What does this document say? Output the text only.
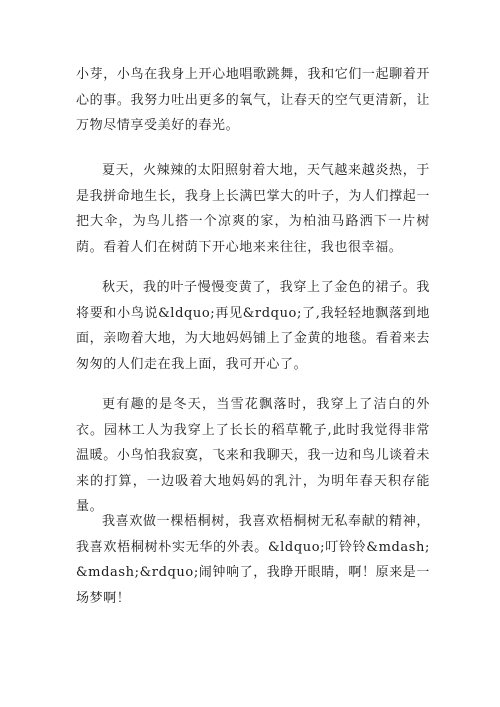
小芽，小鸟在我身上开心地唱歌跳舞，我和它们一起聊着开心的事。我努力吐出更多的氧气，让春天的空气更清新，让万物尽情享受美好的春光。

夏天，火辣辣的太阳照射着大地，天气越来越炎热，于是我拼命地生长，我身上长满巴掌大的叶子，为人们撑起一把大伞，为鸟儿搭一个凉爽的家，为柏油马路洒下一片树荫。看着人们在树荫下开心地来来往往，我也很幸福。

秋天，我的叶子慢慢变黄了，我穿上了金色的裙子。我将要和小鸟说&ldquo;再见&rdquo;了,我轻轻地飘落到地面，亲吻着大地，为大地妈妈铺上了金黄的地毯。看着来去匆匆的人们走在我上面，我可开心了。

更有趣的是冬天，当雪花飘落时，我穿上了洁白的外衣。园林工人为我穿上了长长的稻草靴子,此时我觉得非常温暖。小鸟怕我寂寞，飞来和我聊天，我一边和鸟儿谈着未来的打算，一边吸着大地妈妈的乳汁，为明年春天积存能量。

我喜欢做一棵梧桐树，我喜欢梧桐树无私奉献的精神，我喜欢梧桐树朴实无华的外表。&ldquo;叮铃铃&mdash;&mdash;&rdquo;闹钟响了，我睁开眼睛，啊！原来是一场梦啊！
